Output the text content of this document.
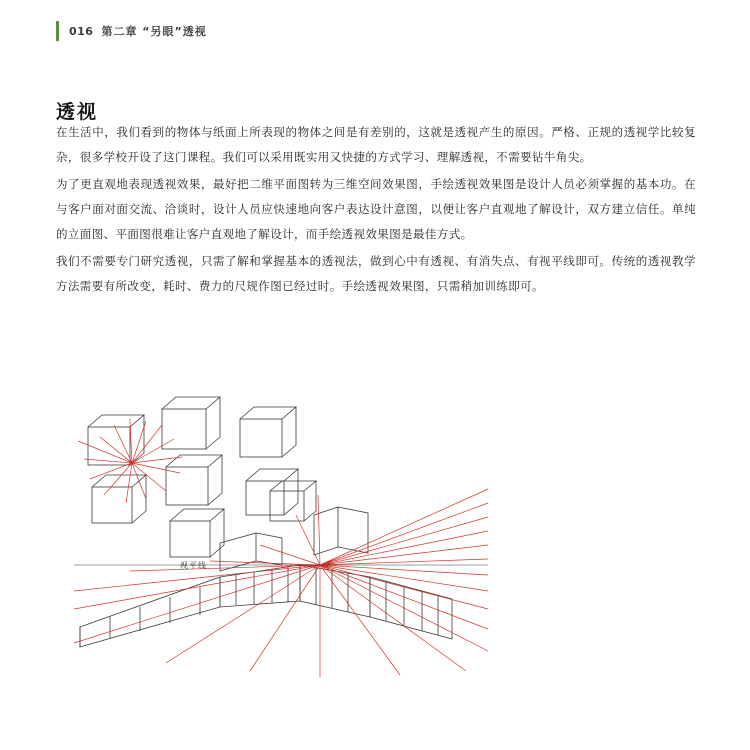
016 第二章 “另眼”透视
透视

在生活中，我们看到的物体与纸面上所表现的物体之间是有差别的，这就是透视产生的原因。严格、正规的透视学比较复杂，很多学校开设了这门课程。我们可以采用既实用又快捷的方式学习、理解透视，不需要钻牛角尖。

为了更直观地表现透视效果，最好把二维平面图转为三维空间效果图，手绘透视效果图是设计人员必须掌握的基本功。在与客户面对面交流、洽谈时，设计人员应快速地向客户表达设计意图，以便让客户直观地了解设计，双方建立信任。单纯的立面图、平面图很难让客户直观地了解设计，而手绘透视效果图是最佳方式。

我们不需要专门研究透视，只需了解和掌握基本的透视法，做到心中有透视、有消失点、有视平线即可。传统的透视教学方法需要有所改变，耗时、费力的尺规作图已经过时。手绘透视效果图，只需稍加训练即可。

视平线
